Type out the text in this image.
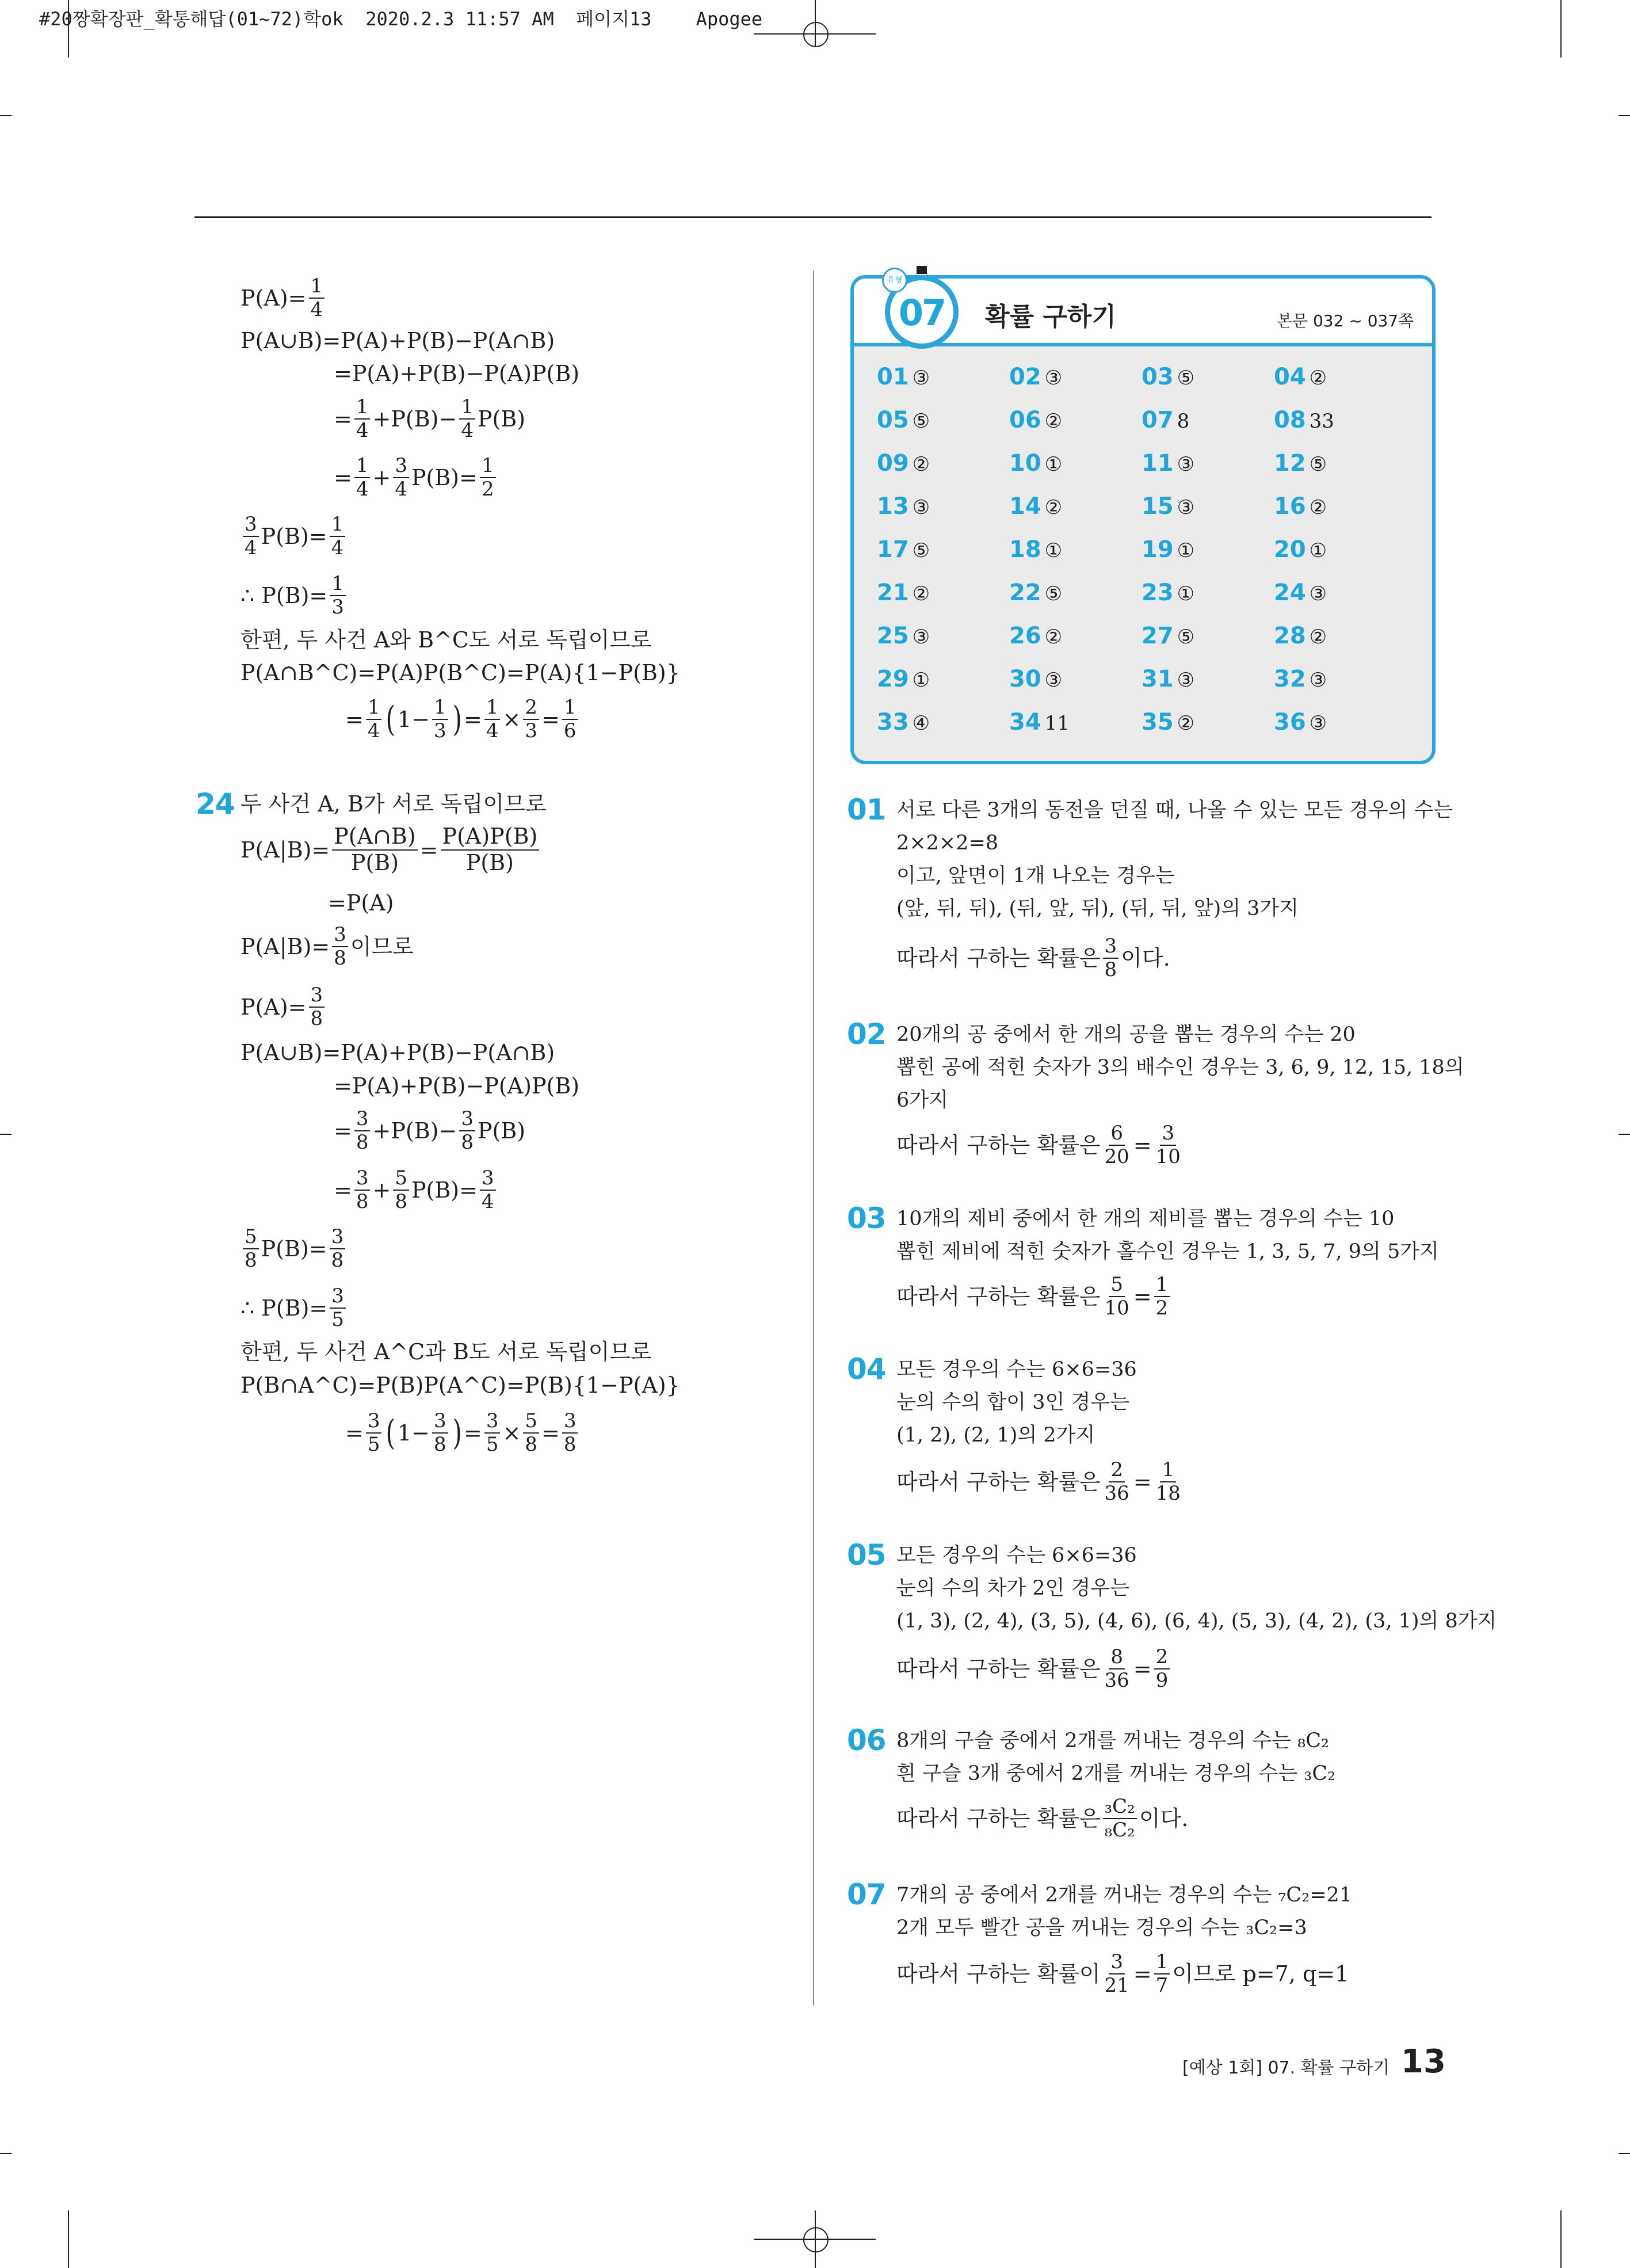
#20짱확장판_확통해답(01~72)학ok  2020.2.3 11:57 AM  페이지13    Apogee
$P(A)= \frac{1}{4}$
P(A∪B)=P(A)+P(B)−P(A∩B)
=P(A)+P(B)−P(A)P(B)
= $\frac{1}{4} +P(B)- \frac{1}{4} P(B)$
= $\frac{1}{4} + \frac{3}{4} P(B)= \frac{1}{2}$
$\frac{3}{4} P(B)= \frac{1}{4}$
∴ $P(B)= \frac{1}{3}$
한편, 두 사건 A와 B^C도 서로 독립이므로
P(A∩B^C)=P(A)P(B^C)=P(A){1−P(B)}
= $\frac{1}{4}$ ( $1- \frac{1}{3}$ ) = $\frac{1}{4} \times \frac{2}{3} = \frac{1}{6}$
24 두 사건 A, B가 서로 독립이므로
$P(A|B)= \frac{P(A\cap B)}{P(B)} = \frac{P(A)P(B)}{P(B)}$
=P(A)
$P(A|B)= \frac{3}{8}$ 이므로
$P(A)= \frac{3}{8}$
P(A∪B)=P(A)+P(B)−P(A∩B)
=P(A)+P(B)−P(A)P(B)
= $\frac{3}{8} +P(B)- \frac{3}{8} P(B)$
= $\frac{3}{8} + \frac{5}{8} P(B)= \frac{3}{4}$
$\frac{5}{8} P(B)= \frac{3}{8}$
∴ $P(B)= \frac{3}{5}$
한편, 두 사건 A^C과 B도 서로 독립이므로
P(B∩A^C)=P(B)P(A^C)=P(B){1−P(A)}
= $\frac{3}{5}$ ( $1- \frac{3}{8}$ ) = $\frac{3}{5} \times \frac{5}{8} = \frac{3}{8}$
확률 구하기	본문 032 ~ 037쪽
01 ③	02 ③	03 ⑤	04 ②
05 ⑤	06 ②	07 8	08 33
09 ②	10 ①	11 ③	12 ⑤
13 ③	14 ②	15 ③	16 ②
17 ⑤	18 ①	19 ①	20 ①
21 ②	22 ⑤	23 ①	24 ③
25 ③	26 ②	27 ⑤	28 ②
29 ①	30 ③	31 ③	32 ③
33 ④	34 11	35 ②	36 ③
07
유형
01 서로 다른 3개의 동전을 던질 때, 나올 수 있는 모든 경우의 수는
2×2×2=8
이고, 앞면이 1개 나오는 경우는
(앞, 뒤, 뒤), (뒤, 앞, 뒤), (뒤, 뒤, 앞)의 3가지
따라서 구하는 확률은 $\frac{3}{8}$ 이다.
02 20개의 공 중에서 한 개의 공을 뽑는 경우의 수는 20
뽑힌 공에 적힌 숫자가 3의 배수인 경우는 3, 6, 9, 12, 15, 18의
6가지
따라서 구하는 확률은 $\frac{6}{20} = \frac{3}{10}$
03 10개의 제비 중에서 한 개의 제비를 뽑는 경우의 수는 10
뽑힌 제비에 적힌 숫자가 홀수인 경우는 1, 3, 5, 7, 9의 5가지
따라서 구하는 확률은 $\frac{5}{10} = \frac{1}{2}$
04 모든 경우의 수는 6×6=36
눈의 수의 합이 3인 경우는
(1, 2), (2, 1)의 2가지
따라서 구하는 확률은 $\frac{2}{36} = \frac{1}{18}$
05 모든 경우의 수는 6×6=36
눈의 수의 차가 2인 경우는
(1, 3), (2, 4), (3, 5), (4, 6), (6, 4), (5, 3), (4, 2), (3, 1)의 8가지
따라서 구하는 확률은 $\frac{8}{36} = \frac{2}{9}$
06 8개의 구슬 중에서 2개를 꺼내는 경우의 수는 ₈C₂
흰 구슬 3개 중에서 2개를 꺼내는 경우의 수는 ₃C₂
따라서 구하는 확률은 $\frac{\text{₃C₂}}{\text{₈C₂}}$ 이다.
07 7개의 공 중에서 2개를 꺼내는 경우의 수는 ₇C₂=21
2개 모두 빨간 공을 꺼내는 경우의 수는 ₃C₂=3
따라서 구하는 확률이 $\frac{3}{21} = \frac{1}{7}$ 이므로 p=7, q=1
[예상 1회] 07. 확률 구하기 13
